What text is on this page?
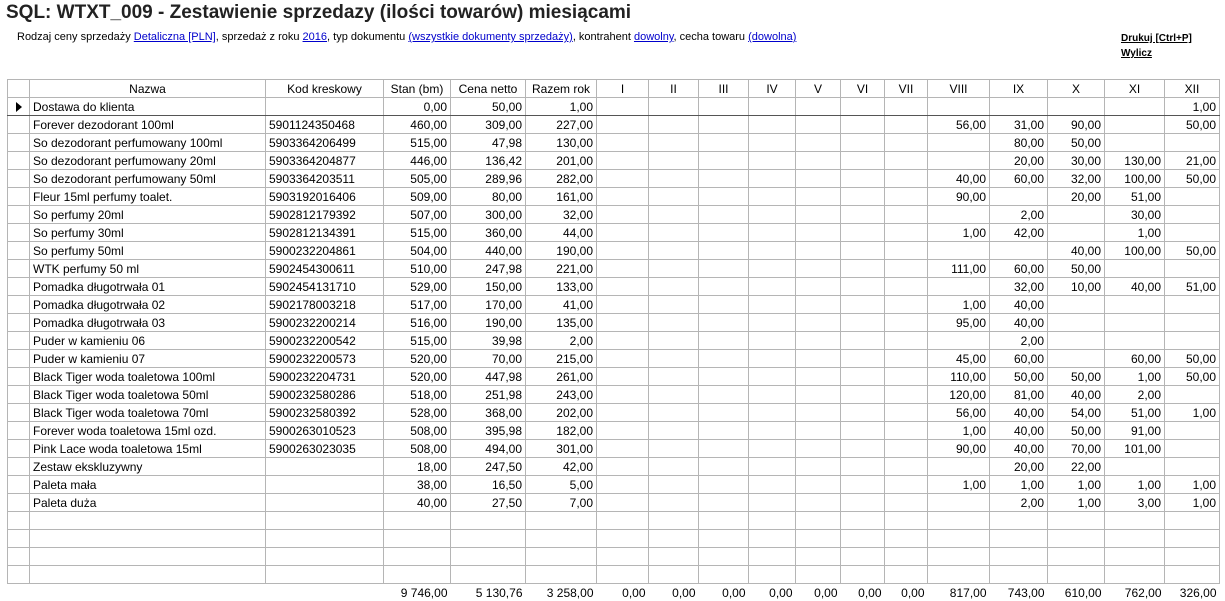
SQL: WTXT_009 - Zestawienie sprzedazy (ilości towarów) miesiącami
Rodzaj ceny sprzedaży Detaliczna [PLN], sprzedaż z roku 2016, typ dokumentu (wszystkie dokumenty sprzedaży), kontrahent dowolny, cecha towaru (dowolna)	Drukuj [Ctrl+P]
Wylicz
	Nazwa	Kod kreskowy	Stan (bm)	Cena netto	Razem rok	I	II	III	IV	V	VI	VII	VIII	IX	X	XI	XII
	Dostawa do klienta		0,00	50,00	1,00												1,00
	Forever dezodorant 100ml	5901124350468	460,00	309,00	227,00								56,00	31,00	90,00		50,00
	So dezodorant perfumowany 100ml	5903364206499	515,00	47,98	130,00									80,00	50,00		
	So dezodorant perfumowany 20ml	5903364204877	446,00	136,42	201,00									20,00	30,00	130,00	21,00
	So dezodorant perfumowany 50ml	5903364203511	505,00	289,96	282,00								40,00	60,00	32,00	100,00	50,00
	Fleur 15ml perfumy toalet.	5903192016406	509,00	80,00	161,00								90,00		20,00	51,00	
	So perfumy 20ml	5902812179392	507,00	300,00	32,00									2,00		30,00	
	So perfumy 30ml	5902812134391	515,00	360,00	44,00								1,00	42,00		1,00	
	So perfumy 50ml	5900232204861	504,00	440,00	190,00										40,00	100,00	50,00
	WTK perfumy 50 ml	5902454300611	510,00	247,98	221,00								111,00	60,00	50,00		
	Pomadka długotrwała 01	5902454131710	529,00	150,00	133,00									32,00	10,00	40,00	51,00
	Pomadka długotrwała 02	5902178003218	517,00	170,00	41,00								1,00	40,00			
	Pomadka długotrwała 03	5900232200214	516,00	190,00	135,00								95,00	40,00			
	Puder w kamieniu 06	5900232200542	515,00	39,98	2,00									2,00			
	Puder w kamieniu 07	5900232200573	520,00	70,00	215,00								45,00	60,00		60,00	50,00
	Black Tiger woda toaletowa 100ml	5900232204731	520,00	447,98	261,00								110,00	50,00	50,00	1,00	50,00
	Black Tiger woda toaletowa 50ml	5900232580286	518,00	251,98	243,00								120,00	81,00	40,00	2,00	
	Black Tiger woda toaletowa 70ml	5900232580392	528,00	368,00	202,00								56,00	40,00	54,00	51,00	1,00
	Forever woda toaletowa 15ml ozd.	5900263010523	508,00	395,98	182,00								1,00	40,00	50,00	91,00	
	Pink Lace woda toaletowa 15ml	5900263023035	508,00	494,00	301,00								90,00	40,00	70,00	101,00	
	Zestaw ekskluzywny		18,00	247,50	42,00									20,00	22,00		
	Paleta mała		38,00	16,50	5,00								1,00	1,00	1,00	1,00	1,00
	Paleta duża		40,00	27,50	7,00									2,00	1,00	3,00	1,00

			9 746,00	5 130,76	3 258,00	0,00	0,00	0,00	0,00	0,00	0,00	0,00	817,00	743,00	610,00	762,00	326,00
